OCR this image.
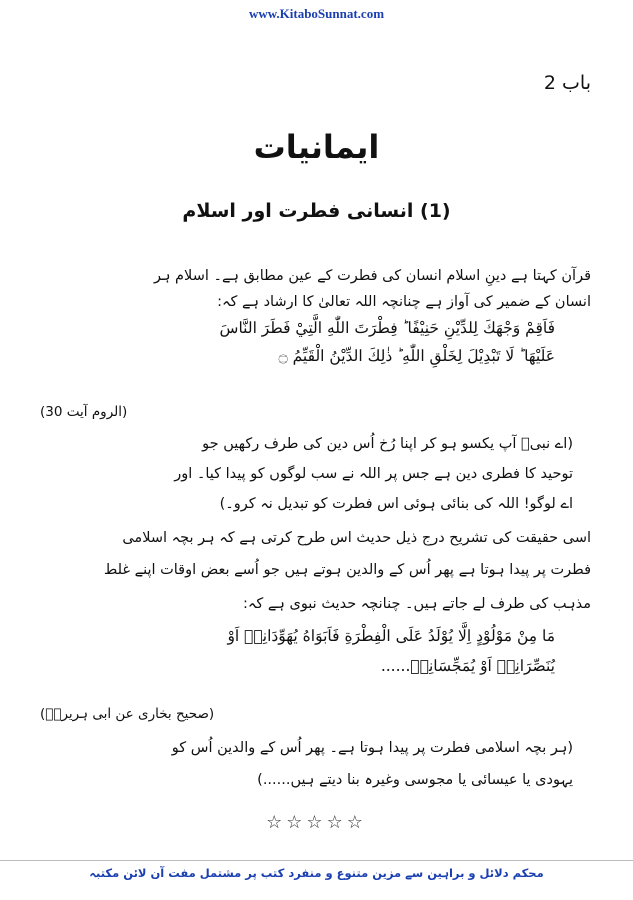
www.KitaboSunnat.com
باب 2
ایمانیات
(1) انسانی فطرت اور اسلام
قرآن کہتا ہے دینِ اسلام انسان کی فطرت کے عین مطابق ہے۔ اسلام ہر
انسان کے ضمیر کی آواز ہے چنانچہ اللہ تعالیٰ کا ارشاد ہے کہ:
فَاَقِمْ وَجْهَكَ لِلدِّيْنِ حَنِيْفًا ؕ فِطْرَتَ اللّٰهِ الَّتِيْ فَطَرَ النَّاسَ
عَلَيْهَا ؕ لَا تَبْدِيْلَ لِخَلْقِ اللّٰهِ ؕ ذٰلِكَ الدِّيْنُ الْقَيِّمُ ۝
(الروم آیت 30)
(اے نبیؐ آپ یکسو ہو کر اپنا رُخ اُس دین کی طرف رکھیں جو
توحید کا فطری دین ہے جس پر اللہ نے سب لوگوں کو پیدا کیا۔ اور
اے لوگو! اللہ کی بنائی ہوئی اس فطرت کو تبدیل نہ کرو۔)
اسی حقیقت کی تشریح درج ذیل حدیث اس طرح کرتی ہے کہ ہر بچہ اسلامی
فطرت پر پیدا ہوتا ہے پھر اُس کے والدین ہوتے ہیں جو اُسے بعض اوقات اپنے غلط
مذہب کی طرف لے جاتے ہیں۔ چنانچہ حدیث نبوی ہے کہ:
مَا مِنْ مَوْلُوْدٍ اِلَّا يُوْلَدُ عَلَى الْفِطْرَةِ فَاَبَوَاهُ يُهَوِّدَانِهٖ اَوْ
يُنَصِّرَانِهٖ اَوْ يُمَجِّسَانِهٖ......
(صحیح بخاری عن ابی ہریرہؓ)
(ہر بچہ اسلامی فطرت پر پیدا ہوتا ہے۔ پھر اُس کے والدین اُس کو
یہودی یا عیسائی یا مجوسی وغیرہ بنا دیتے ہیں......)
☆☆☆☆☆
محکم دلائل و براہین سے مزین متنوع و منفرد کتب پر مشتمل مفت آن لائن مکتبہ
